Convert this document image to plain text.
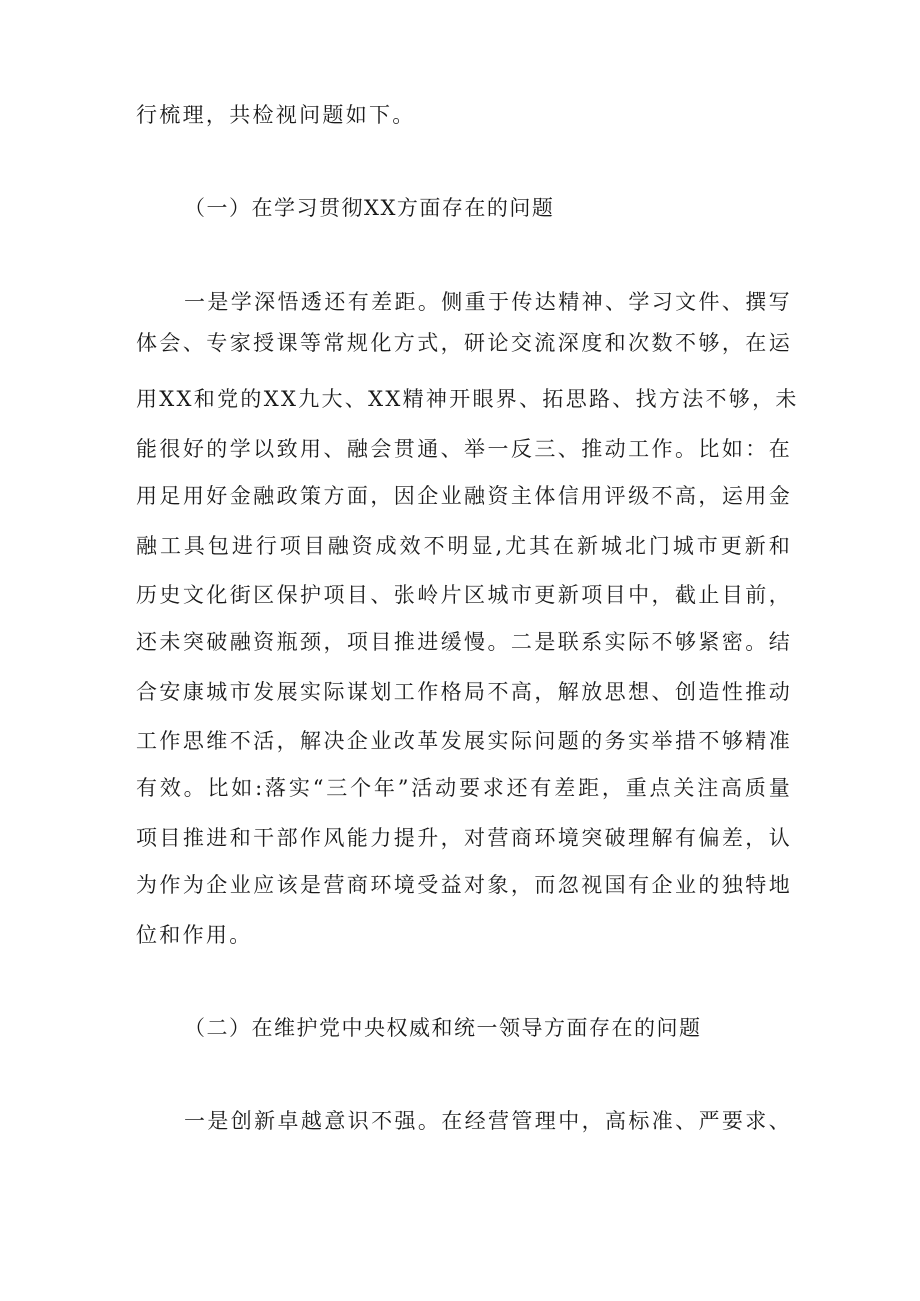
行梳理，共检视问题如下。
（一）在学习贯彻XX方面存在的问题
一是学深悟透还有差距。侧重于传达精神、学习文件、撰写
体会、专家授课等常规化方式，研论交流深度和次数不够，在运
用XX和党的XX九大、XX精神开眼界、拓思路、找方法不够，未
能很好的学以致用、融会贯通、举一反三、推动工作。比如：在
用足用好金融政策方面，因企业融资主体信用评级不高，运用金
融工具包进行项目融资成效不明显,尤其在新城北门城市更新和
历史文化街区保护项目、张岭片区城市更新项目中，截止目前，
还未突破融资瓶颈，项目推进缓慢。二是联系实际不够紧密。结
合安康城市发展实际谋划工作格局不高，解放思想、创造性推动
工作思维不活，解决企业改革发展实际问题的务实举措不够精准
有效。比如:落实“三个年”活动要求还有差距，重点关注高质量
项目推进和干部作风能力提升，对营商环境突破理解有偏差，认
为作为企业应该是营商环境受益对象，而忽视国有企业的独特地
位和作用。
（二）在维护党中央权威和统一领导方面存在的问题
一是创新卓越意识不强。在经营管理中，高标准、严要求、
